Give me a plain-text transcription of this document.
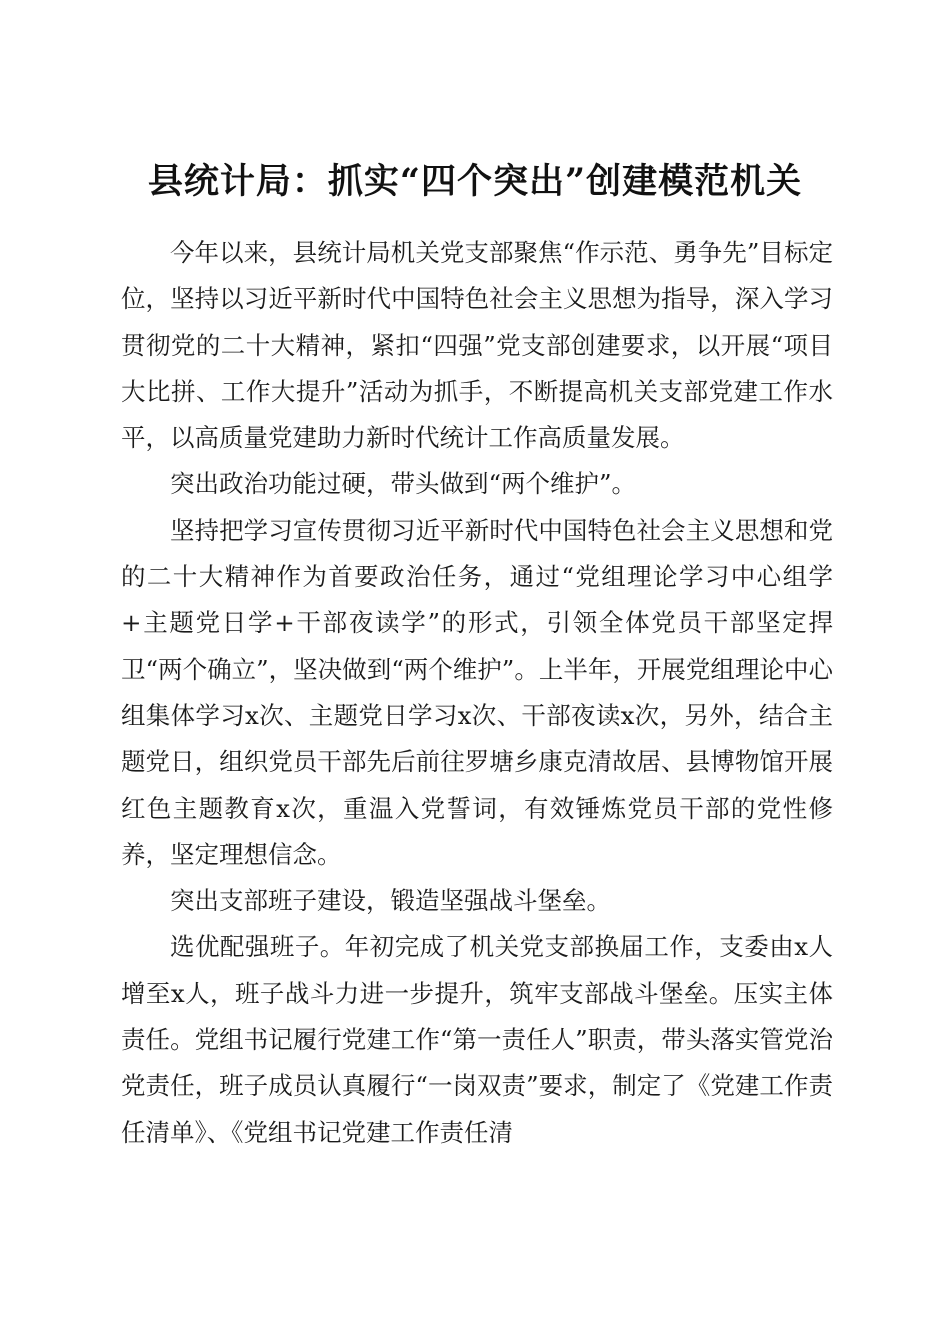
县统计局：抓实“四个突出”创建模范机关

今年以来，县统计局机关党支部聚焦“作示范、勇争先”目标定位，坚持以习近平新时代中国特色社会主义思想为指导，深入学习贯彻党的二十大精神，紧扣“四强”党支部创建要求，以开展“项目大比拼、工作大提升”活动为抓手，不断提高机关支部党建工作水平，以高质量党建助力新时代统计工作高质量发展。

突出政治功能过硬，带头做到“两个维护”。

坚持把学习宣传贯彻习近平新时代中国特色社会主义思想和党的二十大精神作为首要政治任务，通过“党组理论学习中心组学+主题党日学+干部夜读学”的形式，引领全体党员干部坚定捍卫“两个确立”，坚决做到“两个维护”。上半年，开展党组理论中心组集体学习x次、主题党日学习x次、干部夜读x次，另外，结合主题党日，组织党员干部先后前往罗塘乡康克清故居、县博物馆开展红色主题教育x次，重温入党誓词，有效锤炼党员干部的党性修养，坚定理想信念。

突出支部班子建设，锻造坚强战斗堡垒。

选优配强班子。年初完成了机关党支部换届工作，支委由x人增至x人，班子战斗力进一步提升，筑牢支部战斗堡垒。压实主体责任。党组书记履行党建工作“第一责任人”职责，带头落实管党治党责任，班子成员认真履行“一岗双责”要求，制定了《党建工作责任清单》、《党组书记党建工作责任清
